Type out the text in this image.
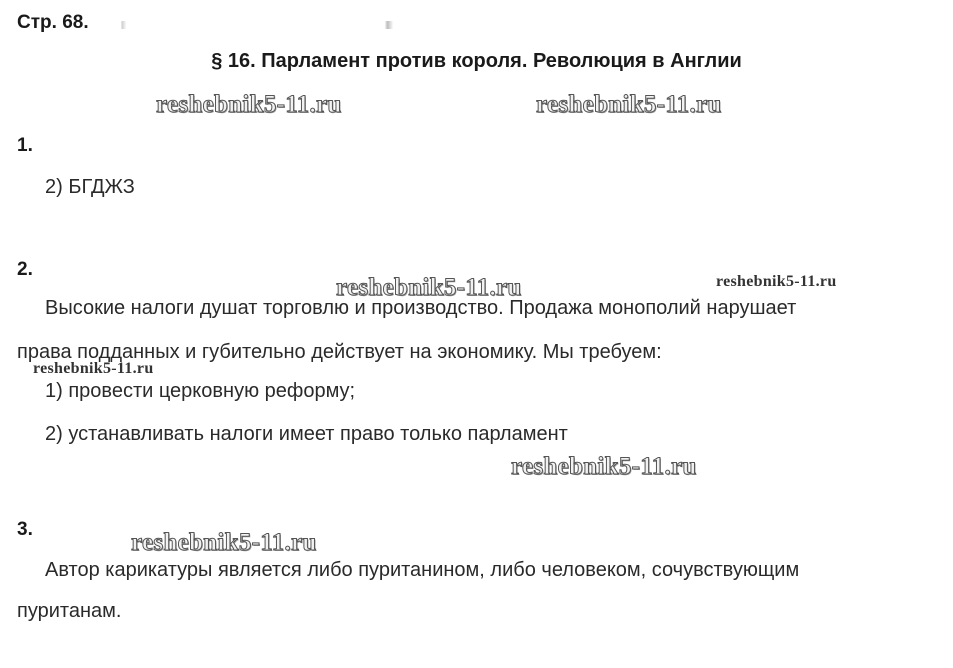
Стр. 68.
§ 16. Парламент против короля. Революция в Англии
reshebnik5-11.ru	reshebnik5-11.ru
1.
2) БГДЖЗ
2.
reshebnik5-11.ru	reshebnik5-11.ru
Высокие налоги душат торговлю и производство. Продажа монополий нарушает
права подданных и губительно действует на экономику. Мы требуем:
reshebnik5-11.ru
1) провести церковную реформу;
2) устанавливать налоги имеет право только парламент
reshebnik5-11.ru
3.	reshebnik5-11.ru
Автор карикатуры является либо пуританином, либо человеком, сочувствующим
пуританам.
